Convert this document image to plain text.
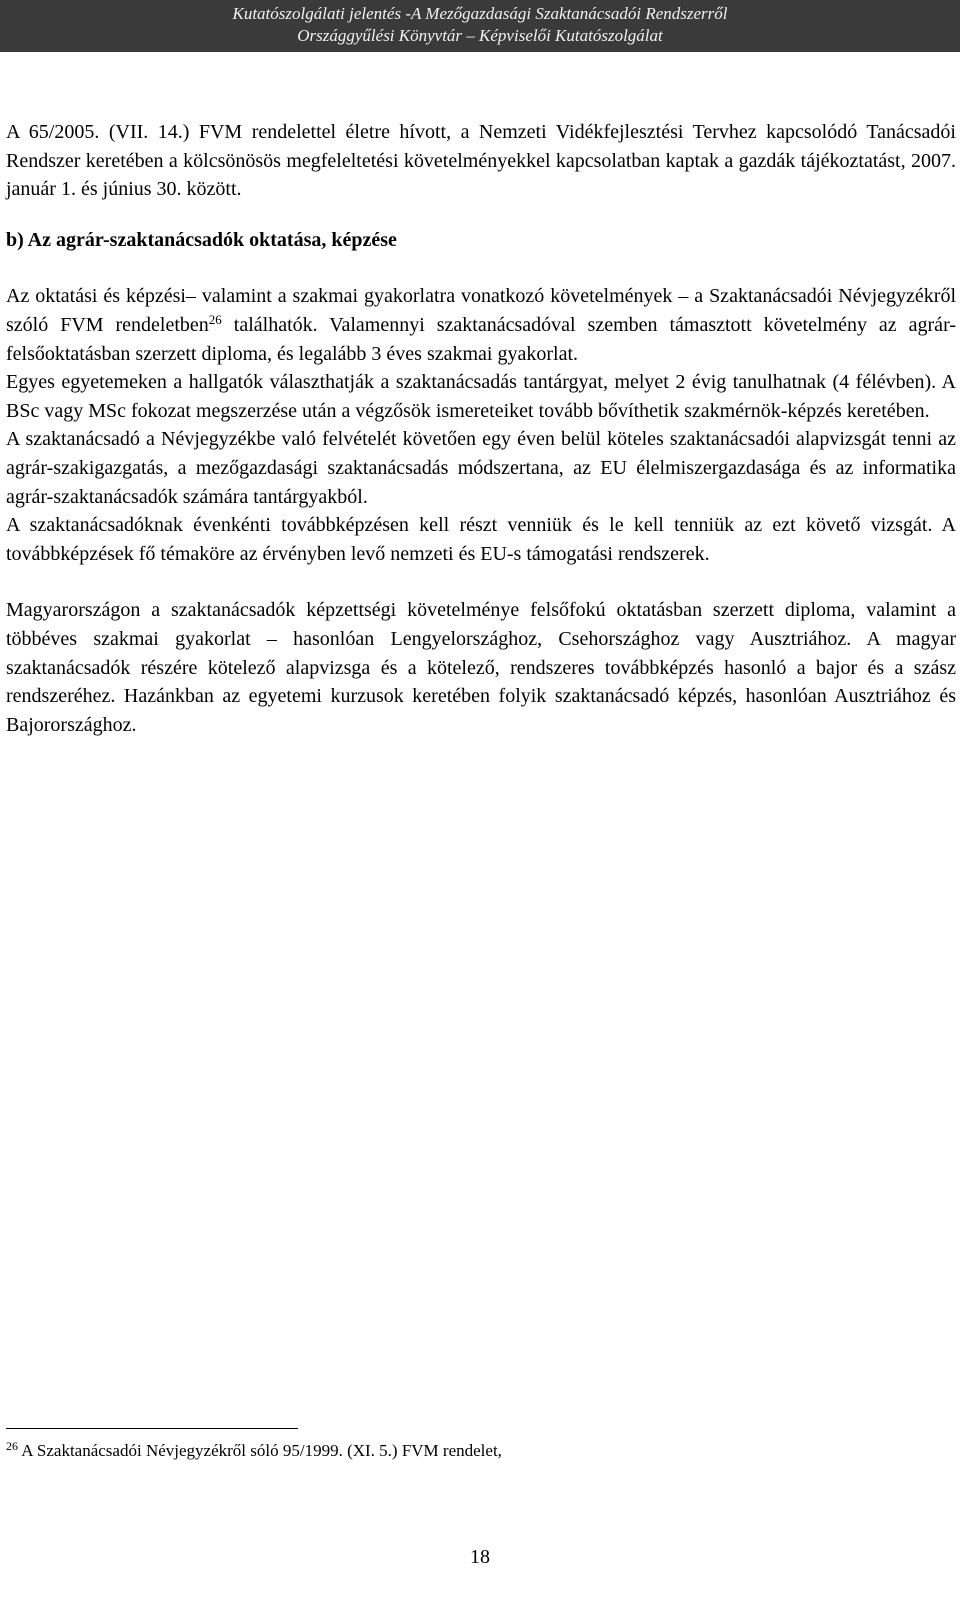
Kutatószolgálati jelentés -A Mezőgazdasági Szaktanácsadói Rendszerről
Országgyűlési Könyvtár – Képviselői Kutatószolgálat

A 65/2005. (VII. 14.) FVM rendelettel életre hívott, a Nemzeti Vidékfejlesztési Tervhez kapcsolódó Tanácsadói Rendszer keretében a kölcsönösös megfeleltetési követelményekkel kapcsolatban kaptak a gazdák tájékoztatást, 2007. január 1. és június 30. között.

b) Az agrár-szaktanácsadók oktatása, képzése

Az oktatási és képzési– valamint a szakmai gyakorlatra vonatkozó követelmények – a Szaktanácsadói Névjegyzékről szóló FVM rendeletben$^{26}$ találhatók. Valamennyi szaktanácsadóval szemben támasztott követelmény az agrár-felsőoktatásban szerzett diploma, és legalább 3 éves szakmai gyakorlat.

Egyes egyetemeken a hallgatók választhatják a szaktanácsadás tantárgyat, melyet 2 évig tanulhatnak (4 félévben). A BSc vagy MSc fokozat megszerzése után a végzősök ismereteiket tovább bővíthetik szakmérnök-képzés keretében.

A szaktanácsadó a Névjegyzékbe való felvételét követően egy éven belül köteles szaktanácsadói alapvizsgát tenni az agrár-szakigazgatás, a mezőgazdasági szaktanácsadás módszertana, az EU élelmiszergazdasága és az informatika agrár-szaktanácsadók számára tantárgyakból.

A szaktanácsadóknak évenkénti továbbképzésen kell részt venniük és le kell tenniük az ezt követő vizsgát. A továbbképzések fő témaköre az érvényben levő nemzeti és EU-s támogatási rendszerek.

Magyarországon a szaktanácsadók képzettségi követelménye felsőfokú oktatásban szerzett diploma, valamint a többéves szakmai gyakorlat – hasonlóan Lengyelországhoz, Csehországhoz vagy Ausztriához. A magyar szaktanácsadók részére kötelező alapvizsga és a kötelező, rendszeres továbbképzés hasonló a bajor és a szász rendszeréhez. Hazánkban az egyetemi kurzusok keretében folyik szaktanácsadó képzés, hasonlóan Ausztriához és Bajorországhoz.

$^{26}$ A Szaktanácsadói Névjegyzékről sóló 95/1999. (XI. 5.) FVM rendelet,
18
